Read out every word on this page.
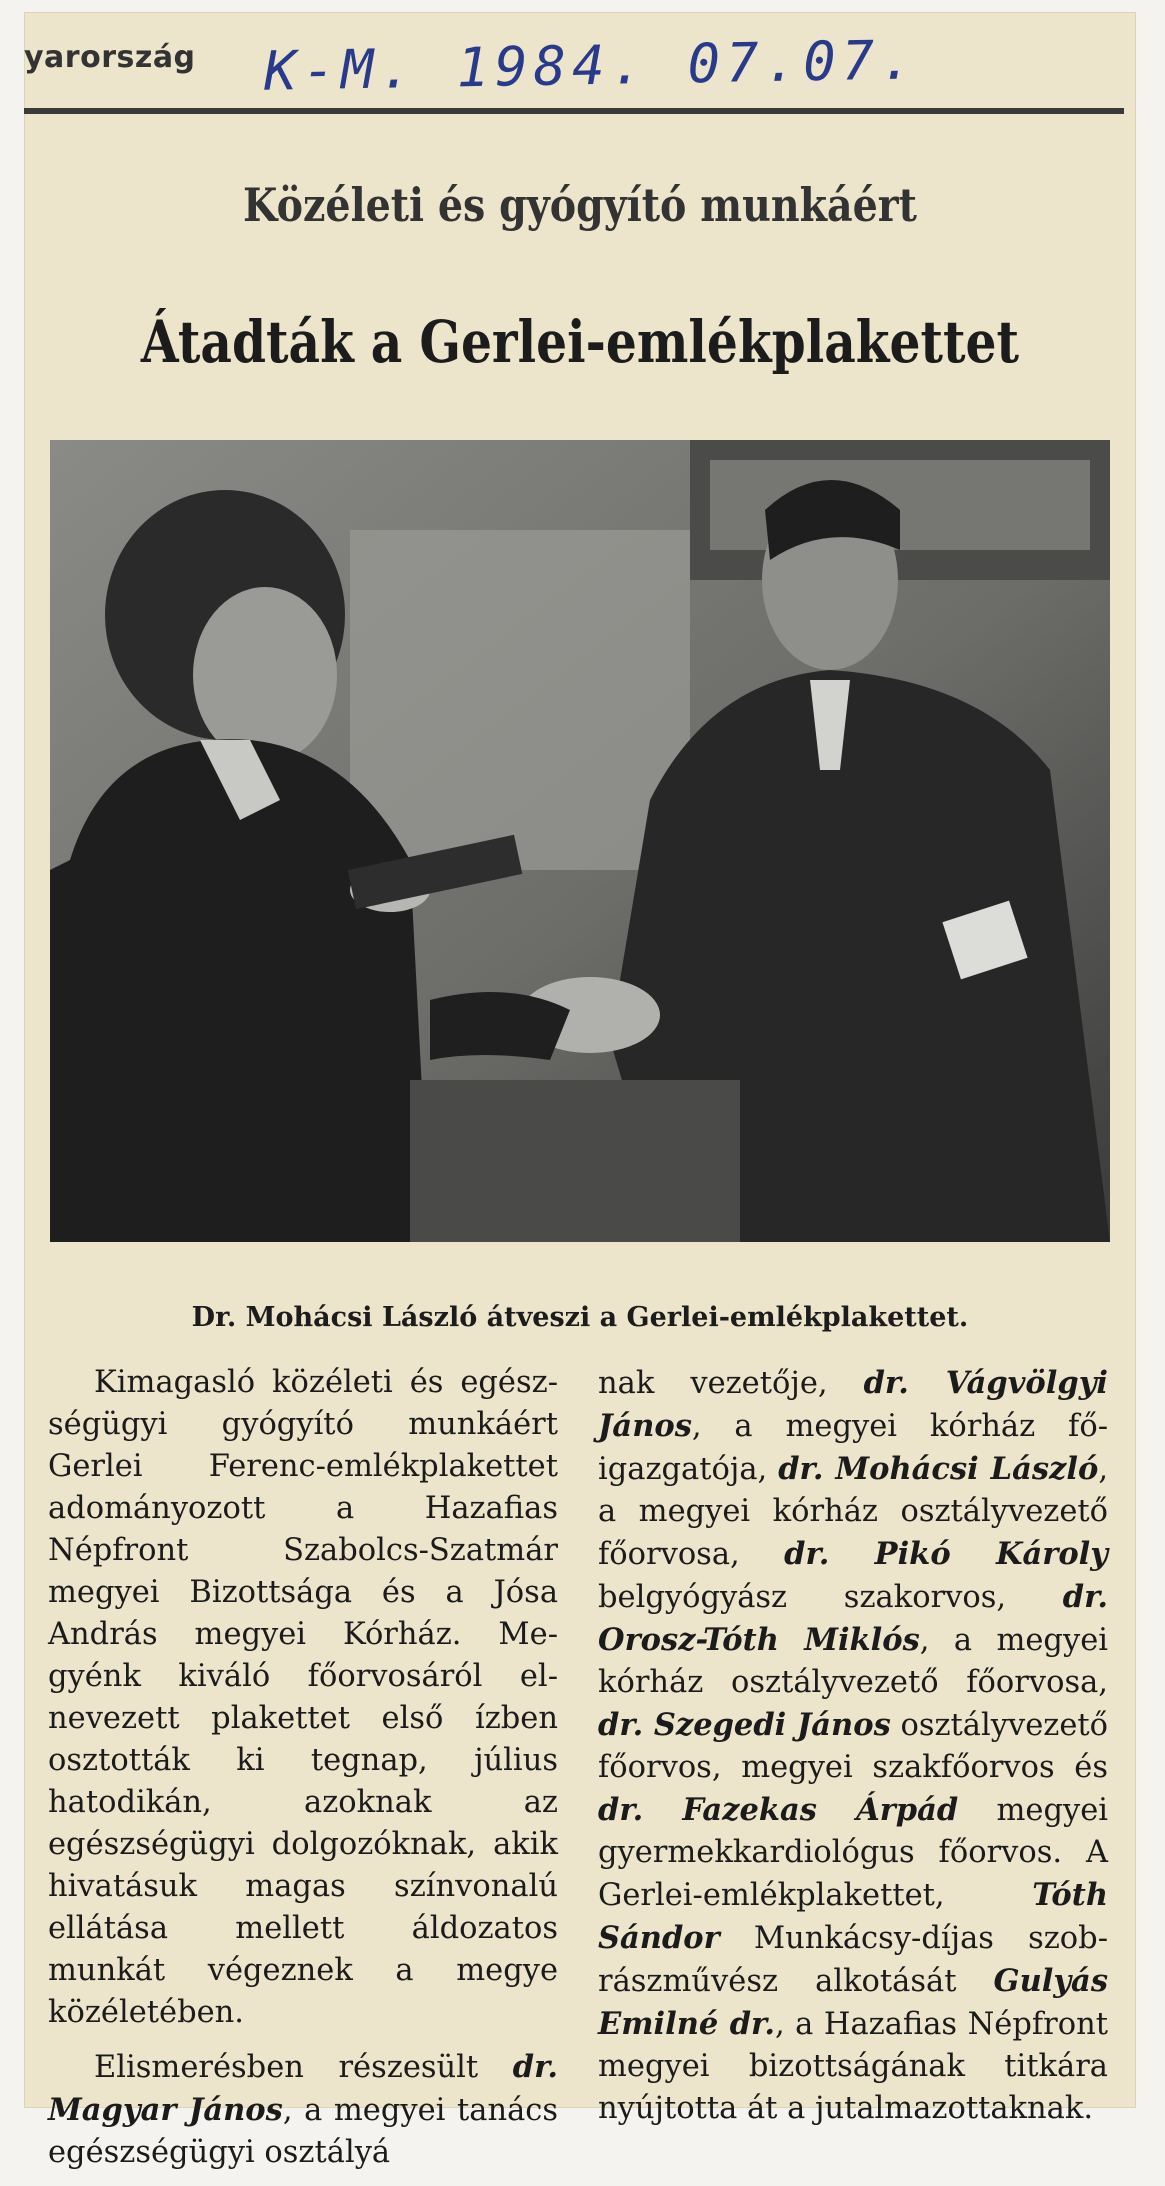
yarország K-M. 1984. 07.07.
Közéleti és gyógyító munkáért
Átadták a Gerlei-emlékplakettet
Dr. Mohácsi László átveszi a Gerlei-emlékplakettet.

Kimagasló közéleti és egészségügyi gyógyító munkáért Gerlei Ferenc-emlékplakettet adományozott a Hazafias Népfront Szabolcs-Szatmár megyei Bizottsága és a Jósa András megyei Kórház. Megyénk kiváló főorvosáról elnevezett plakettet első ízben osztották ki tegnap, július hatodikán, azoknak az egészségügyi dolgozóknak, akik hivatásuk magas színvonalú ellátása mellett áldozatos munkát végeznek a megye közéletében.

Elismerésben részesült dr. Magyar János, a megyei tanács egészségügyi osztályá

nak vezetője, dr. Vágvölgyi János, a megyei kórház főigazgatója, dr. Mohácsi László, a megyei kórház osztályvezető főorvosa, dr. Pikó Károly belgyógyász szakorvos, dr. Orosz-Tóth Miklós, a megyei kórház osztályvezető főorvosa, dr. Szegedi János osztályvezető főorvos, megyei szakfőorvos és dr. Fazekas Árpád megyei gyermekkardiológus főorvos. A Gerlei-emlékplakettet, Tóth Sándor Munkácsy-díjas szobrászművész alkotását Gulyás Emilné dr., a Hazafias Népfront megyei bizottságának titkára nyújtotta át a jutalmazottaknak.
